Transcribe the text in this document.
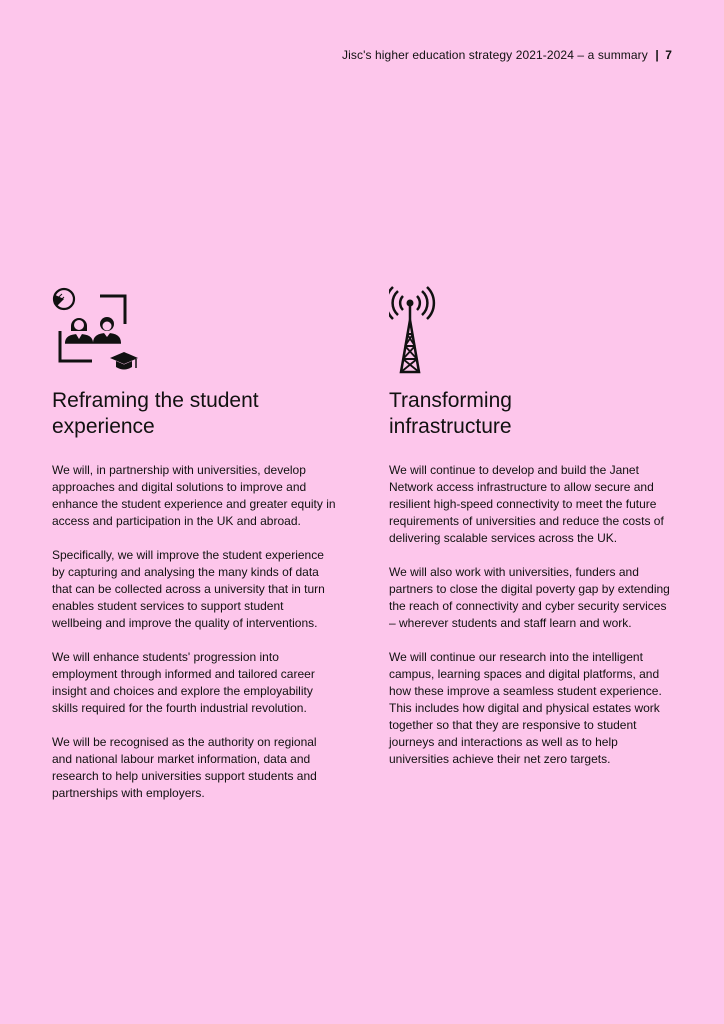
Jisc's higher education strategy 2021-2024 – a summary | 7
Reframing the student
experience

We will, in partnership with universities, develop approaches and digital solutions to improve and enhance the student experience and greater equity in access and participation in the UK and abroad.

Specifically, we will improve the student experience by capturing and analysing the many kinds of data that can be collected across a university that in turn enables student services to support student wellbeing and improve the quality of interventions.

We will enhance students' progression into employment through informed and tailored career insight and choices and explore the employability skills required for the fourth industrial revolution.

We will be recognised as the authority on regional and national labour market information, data and research to help universities support students and partnerships with employers.

Transforming
infrastructure

We will continue to develop and build the Janet Network access infrastructure to allow secure and resilient high-speed connectivity to meet the future requirements of universities and reduce the costs of delivering scalable services across the UK.

We will also work with universities, funders and partners to close the digital poverty gap by extending the reach of connectivity and cyber security services – wherever students and staff learn and work.

We will continue our research into the intelligent campus, learning spaces and digital platforms, and how these improve a seamless student experience. This includes how digital and physical estates work together so that they are responsive to student journeys and interactions as well as to help universities achieve their net zero targets.
